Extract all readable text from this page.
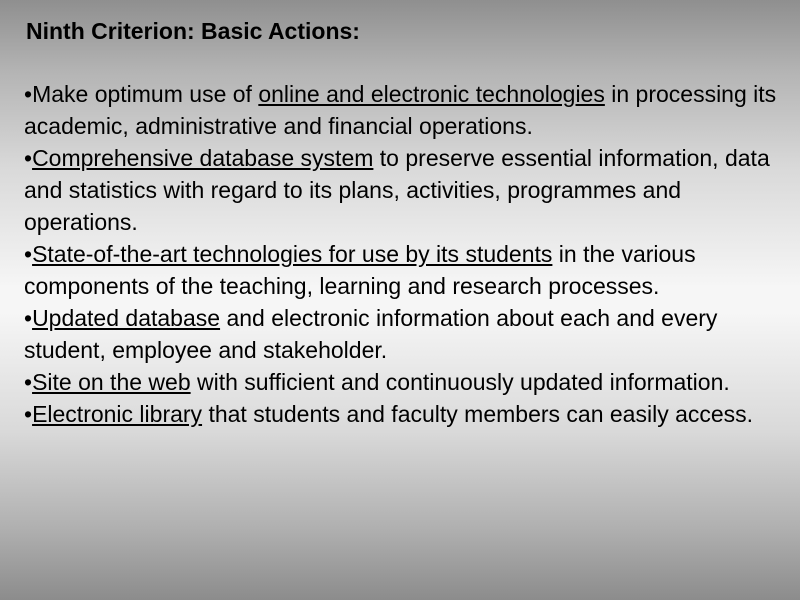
Ninth Criterion: Basic Actions:
•Make optimum use of online and electronic technologies in processing its academic, administrative and financial operations.
•Comprehensive database system to preserve essential information, data and statistics with regard to its plans, activities, programmes and operations.
•State-of-the-art technologies for use by its students in the various components of the teaching, learning and research processes.
•Updated database and electronic information about each and every student, employee and stakeholder.
•Site on the web with sufficient and continuously updated information.
•Electronic library that students and faculty members can easily access.
